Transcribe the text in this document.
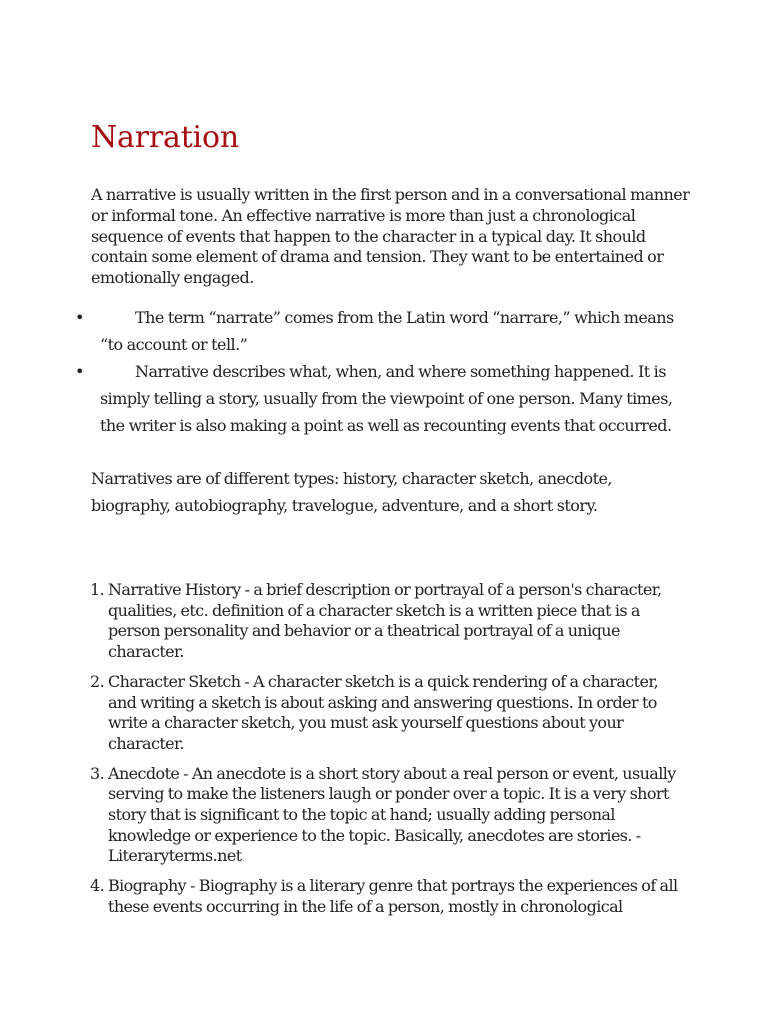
Narration

A narrative is usually written in the first person and in a conversational manner or informal tone. An effective narrative is more than just a chronological sequence of events that happen to the character in a typical day. It should contain some element of drama and tension. They want to be entertained or emotionally engaged.

•	The term “narrate” comes from the Latin word “narrare,” which means “to account or tell.”
•	Narrative describes what, when, and where something happened. It is simply telling a story, usually from the viewpoint of one person. Many times, the writer is also making a point as well as recounting events that occurred.

Narratives are of different types: history, character sketch, anecdote, biography, autobiography, travelogue, adventure, and a short story.

1. Narrative History - a brief description or portrayal of a person's character, qualities, etc. definition of a character sketch is a written piece that is a person personality and behavior or a theatrical portrayal of a unique character.
2. Character Sketch - A character sketch is a quick rendering of a character, and writing a sketch is about asking and answering questions. In order to write a character sketch, you must ask yourself questions about your character.
3. Anecdote - An anecdote is a short story about a real person or event, usually serving to make the listeners laugh or ponder over a topic. It is a very short story that is significant to the topic at hand; usually adding personal knowledge or experience to the topic. Basically, anecdotes are stories. -Literaryterms.net
4. Biography - Biography is a literary genre that portrays the experiences of all these events occurring in the life of a person, mostly in chronological
